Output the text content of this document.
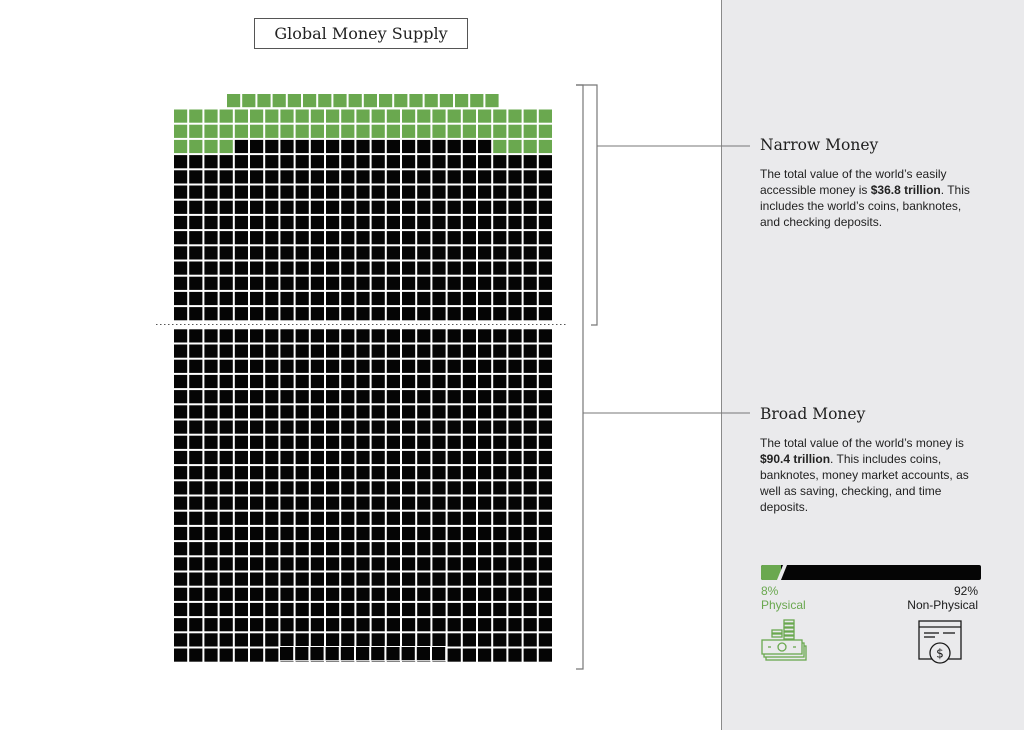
Global Money Supply
Narrow Money
The total value of the world’s easily accessible money is $36.8 trillion. This includes the world’s coins, banknotes, and checking deposits.
Broad Money
The total value of the world’s money is $90.4 trillion. This includes coins, banknotes, money market accounts, as well as saving, checking, and time deposits.
8%
Physical
92%
Non-Physical
$
